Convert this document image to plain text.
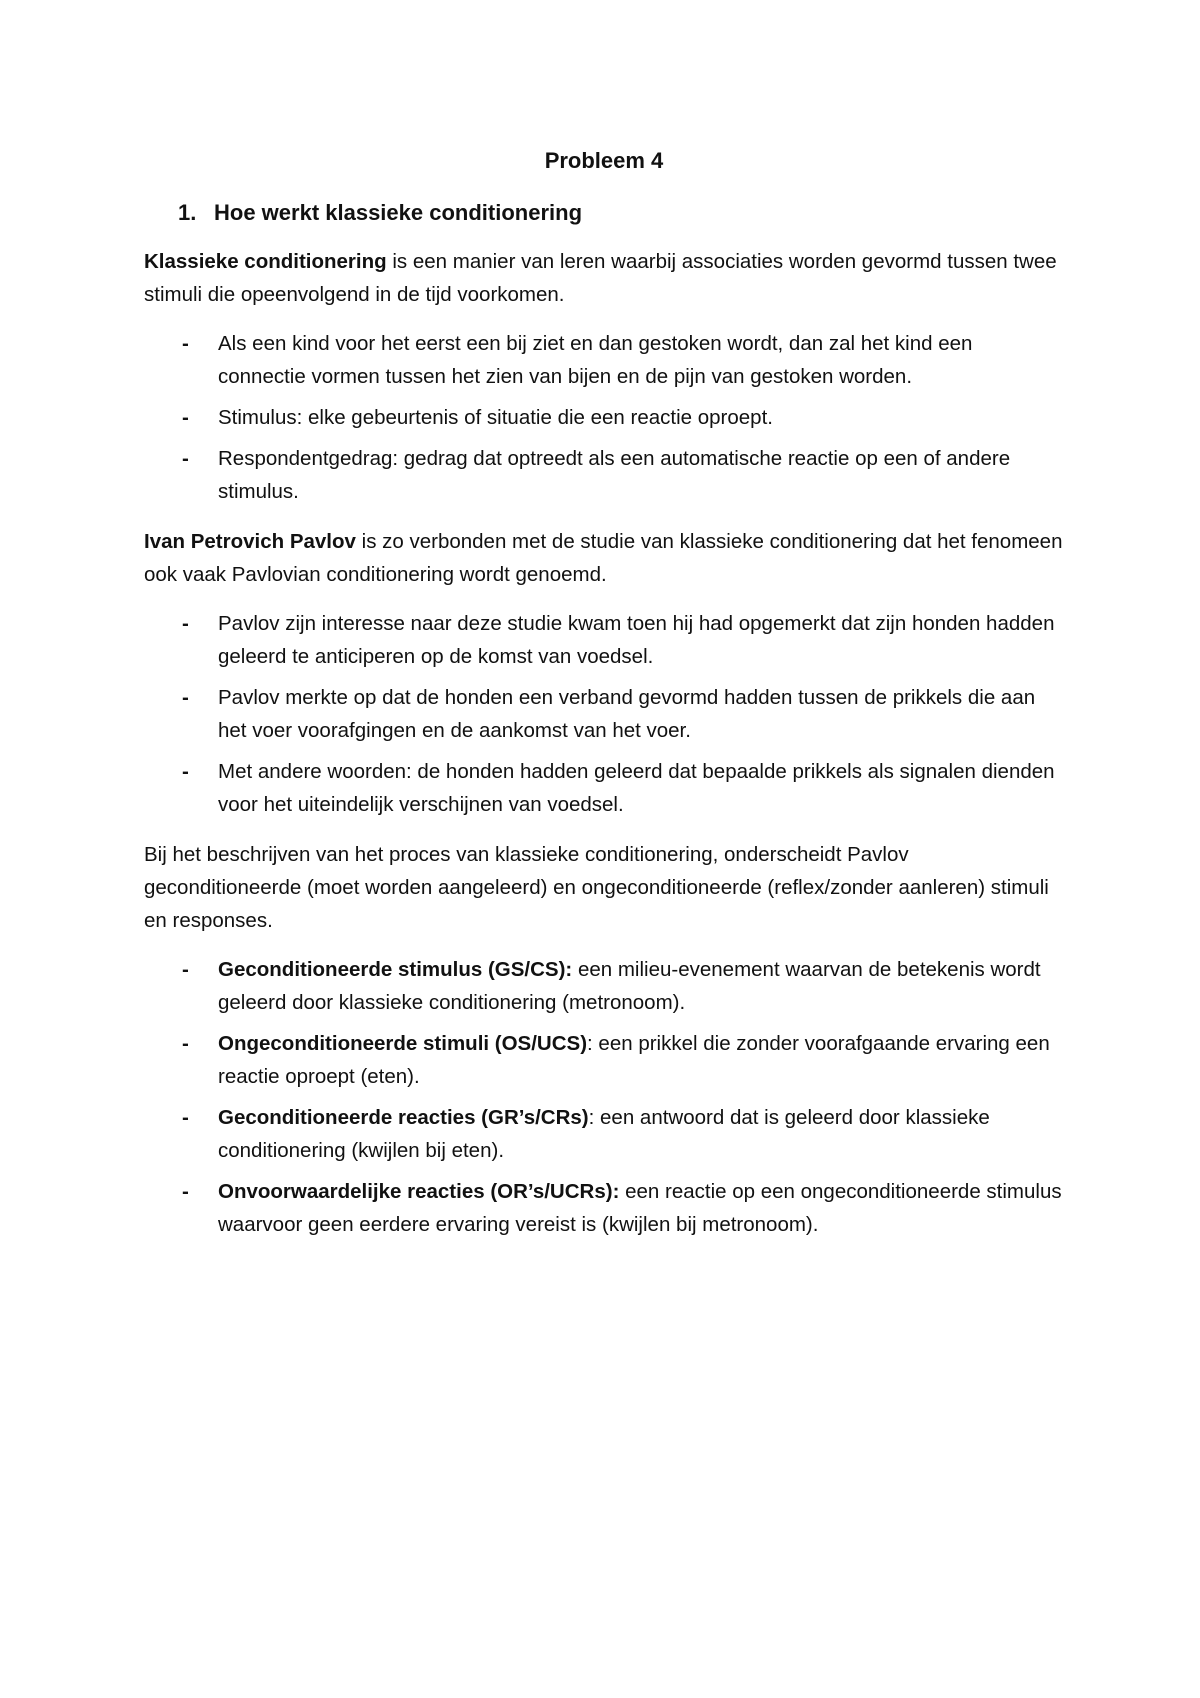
Probleem 4
1. Hoe werkt klassieke conditionering

Klassieke conditionering is een manier van leren waarbij associaties worden gevormd tussen twee stimuli die opeenvolgend in de tijd voorkomen.

-	Als een kind voor het eerst een bij ziet en dan gestoken wordt, dan zal het kind een connectie vormen tussen het zien van bijen en de pijn van gestoken worden.
-	Stimulus: elke gebeurtenis of situatie die een reactie oproept.
-	Respondentgedrag: gedrag dat optreedt als een automatische reactie op een of andere stimulus.

Ivan Petrovich Pavlov is zo verbonden met de studie van klassieke conditionering dat het fenomeen ook vaak Pavlovian conditionering wordt genoemd.

-	Pavlov zijn interesse naar deze studie kwam toen hij had opgemerkt dat zijn honden hadden geleerd te anticiperen op de komst van voedsel.
-	Pavlov merkte op dat de honden een verband gevormd hadden tussen de prikkels die aan het voer voorafgingen en de aankomst van het voer.
-	Met andere woorden: de honden hadden geleerd dat bepaalde prikkels als signalen dienden voor het uiteindelijk verschijnen van voedsel.

Bij het beschrijven van het proces van klassieke conditionering, onderscheidt Pavlov geconditioneerde (moet worden aangeleerd) en ongeconditioneerde (reflex/zonder aanleren) stimuli en responses.

-	Geconditioneerde stimulus (GS/CS): een milieu-evenement waarvan de betekenis wordt geleerd door klassieke conditionering (metronoom).
-	Ongeconditioneerde stimuli (OS/UCS): een prikkel die zonder voorafgaande ervaring een reactie oproept (eten).
-	Geconditioneerde reacties (GR’s/CRs): een antwoord dat is geleerd door klassieke conditionering (kwijlen bij eten).
-	Onvoorwaardelijke reacties (OR’s/UCRs): een reactie op een ongeconditioneerde stimulus waarvoor geen eerdere ervaring vereist is (kwijlen bij metronoom).
